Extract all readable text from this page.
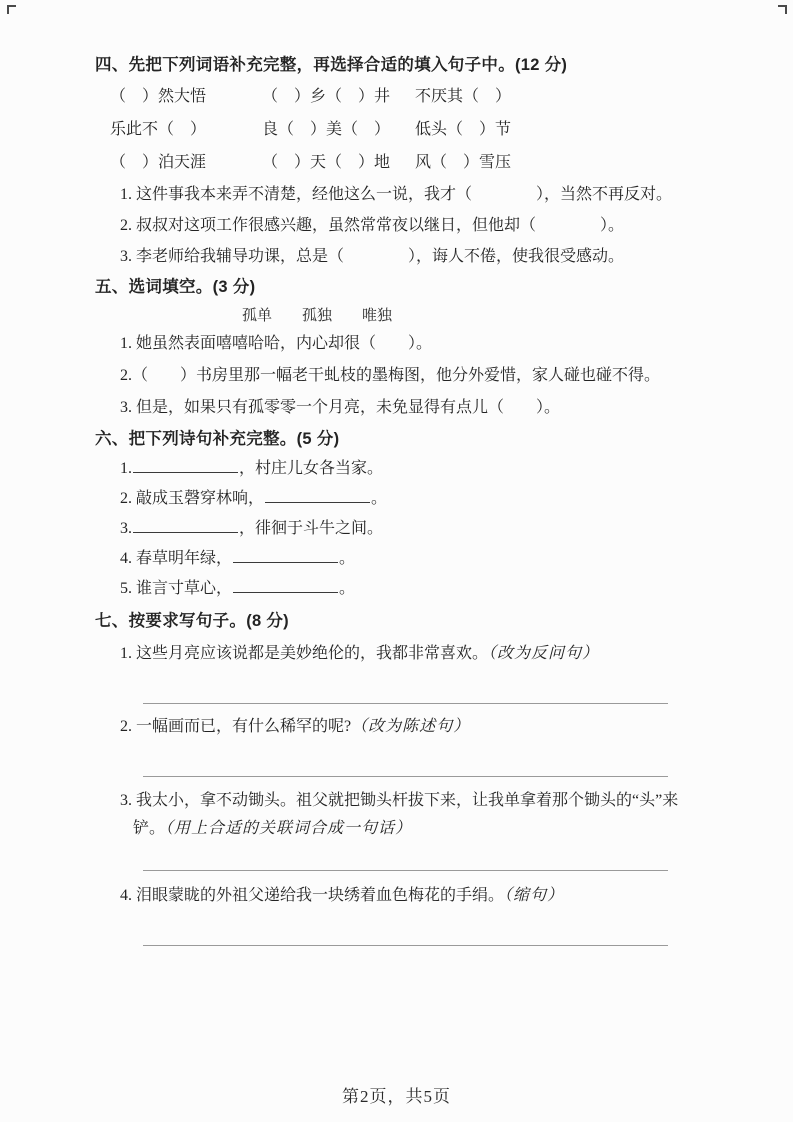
四、先把下列词语补充完整，再选择合适的填入句子中。(12 分)
（　）然大悟	（　）乡（　）井	不厌其（　）
乐此不（　）	良（　）美（　）	低头（　）节
（　）泊天涯	（　）天（　）地	风（　）雪压
1. 这件事我本来弄不清楚，经他这么一说，我才（　　　　），当然不再反对。
2. 叔叔对这项工作很感兴趣，虽然常常夜以继日，但他却（　　　　）。
3. 李老师给我辅导功课，总是（　　　　），诲人不倦，使我很受感动。
五、选词填空。(3 分)
孤单　　孤独　　唯独
1. 她虽然表面嘻嘻哈哈，内心却很（　　）。
2.（　　）书房里那一幅老干虬枝的墨梅图，他分外爱惜，家人碰也碰不得。
3. 但是，如果只有孤零零一个月亮，未免显得有点儿（　　）。
六、把下列诗句补充完整。(5 分)
1.	，村庄儿女各当家。
2. 敲成玉磬穿林响，	。
3.	，徘徊于斗牛之间。
4. 春草明年绿，	。
5. 谁言寸草心，	。
七、按要求写句子。(8 分)
1. 这些月亮应该说都是美妙绝伦的，我都非常喜欢。（改为反问句）
2. 一幅画而已，有什么稀罕的呢?（改为陈述句）
3. 我太小，拿不动锄头。祖父就把锄头杆拔下来，让我单拿着那个锄头的“头”来铲。（用上合适的关联词合成一句话）
4. 泪眼蒙眬的外祖父递给我一块绣着血色梅花的手绢。（缩句）
第2页，共5页
